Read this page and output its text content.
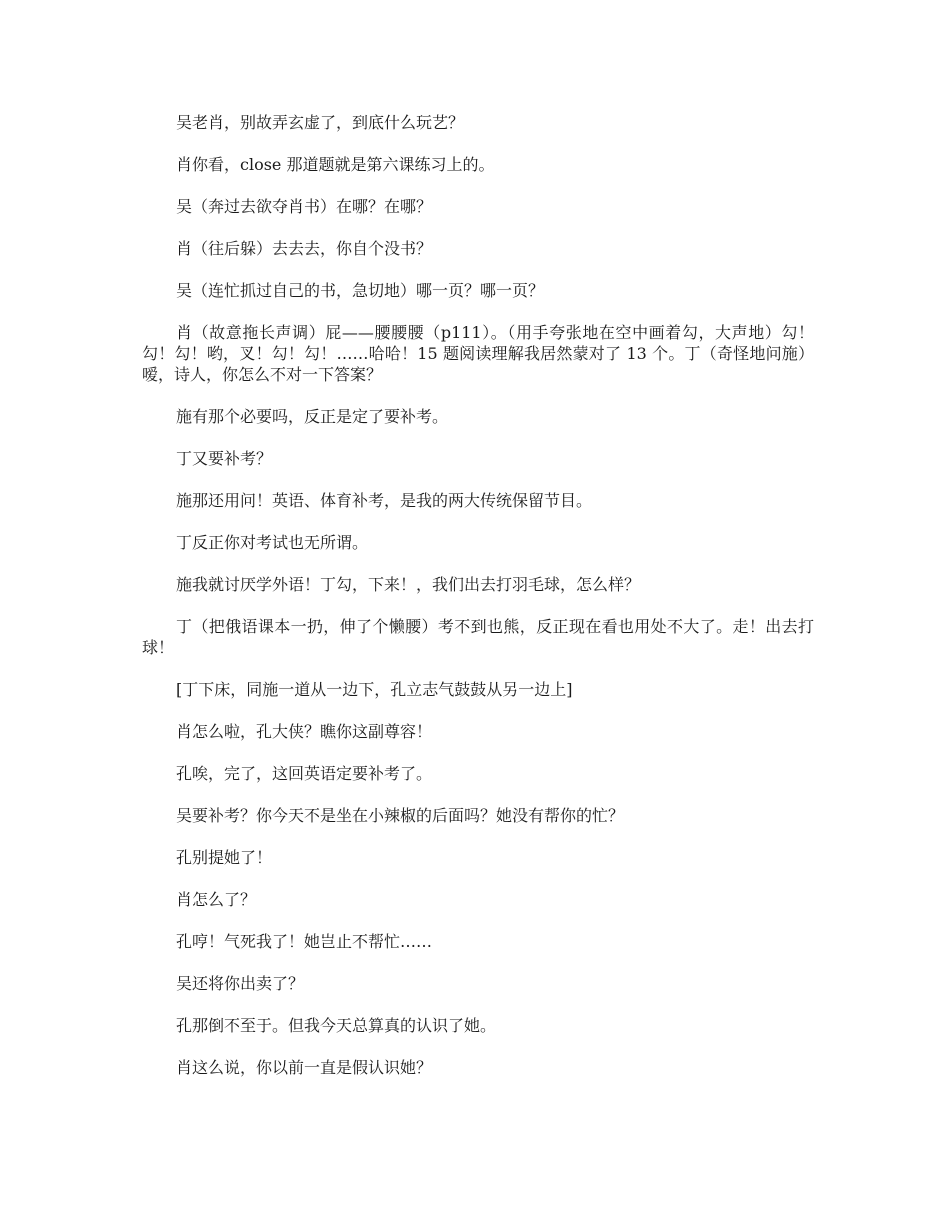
吴老肖，别故弄玄虚了，到底什么玩艺？

肖你看，close 那道题就是第六课练习上的。

吴（奔过去欲夺肖书）在哪？在哪？

肖（往后躲）去去去，你自个没书？

吴（连忙抓过自己的书，急切地）哪一页？哪一页？

肖（故意拖长声调）屁——腰腰腰（p111）。（用手夸张地在空中画着勾，大声地）勾！勾！勾！哟，叉！勾！勾！……哈哈！15 题阅读理解我居然蒙对了 13 个。丁（奇怪地问施）嗳，诗人，你怎么不对一下答案？

施有那个必要吗，反正是定了要补考。

丁又要补考？

施那还用问！英语、体育补考，是我的两大传统保留节目。

丁反正你对考试也无所谓。

施我就讨厌学外语！丁勾，下来！，我们出去打羽毛球，怎么样？

丁（把俄语课本一扔，伸了个懒腰）考不到也熊，反正现在看也用处不大了。走！出去打球！

[丁下床，同施一道从一边下，孔立志气鼓鼓从另一边上]

肖怎么啦，孔大侠？瞧你这副尊容！

孔唉，完了，这回英语定要补考了。

吴要补考？你今天不是坐在小辣椒的后面吗？她没有帮你的忙？

孔别提她了！

肖怎么了？

孔哼！气死我了！她岂止不帮忙……

吴还将你出卖了？

孔那倒不至于。但我今天总算真的认识了她。

肖这么说，你以前一直是假认识她？
